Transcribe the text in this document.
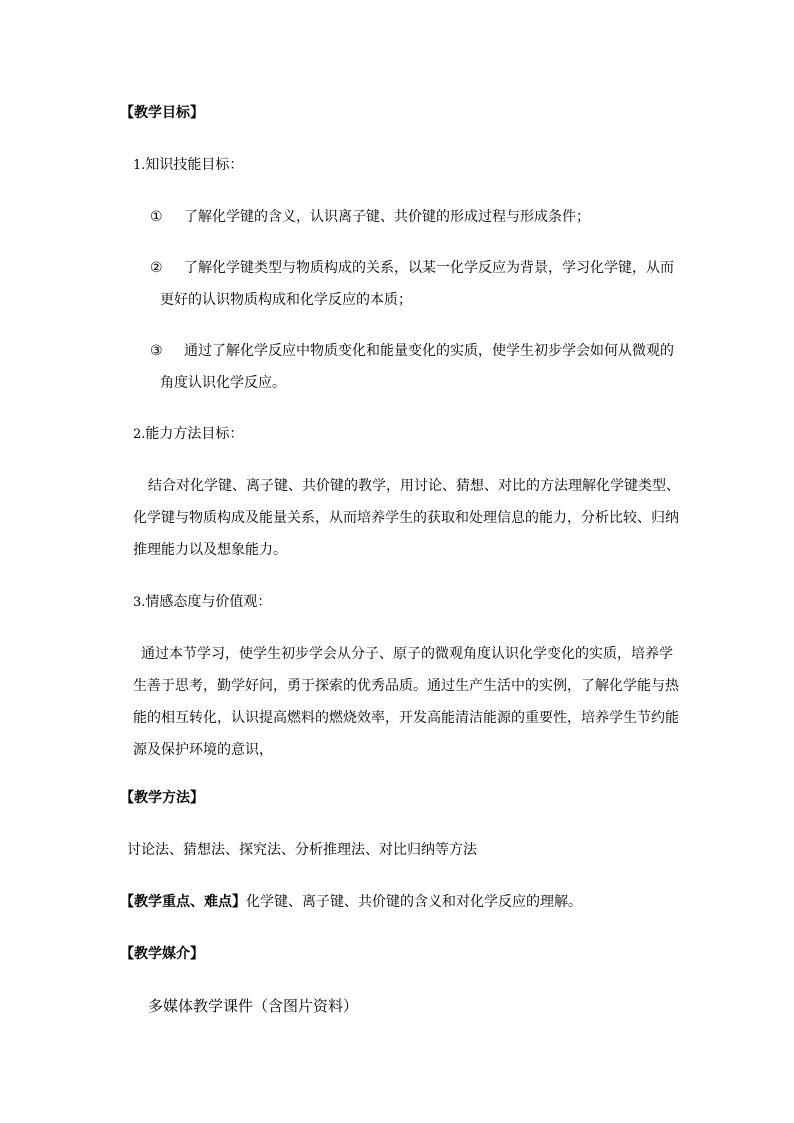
【教学目标】
1.知识技能目标：
① 了解化学键的含义，认识离子键、共价键的形成过程与形成条件；
② 了解化学键类型与物质构成的关系，以某一化学反应为背景，学习化学键，从而
更好的认识物质构成和化学反应的本质；
③ 通过了解化学反应中物质变化和能量变化的实质，使学生初步学会如何从微观的
角度认识化学反应。
2.能力方法目标：
结合对化学键、离子键、共价键的教学，用讨论、猜想、对比的方法理解化学键类型、
化学键与物质构成及能量关系，从而培养学生的获取和处理信息的能力，分析比较、归纳
推理能力以及想象能力。
3.情感态度与价值观：
通过本节学习，使学生初步学会从分子、原子的微观角度认识化学变化的实质，培养学
生善于思考，勤学好问，勇于探索的优秀品质。通过生产生活中的实例，了解化学能与热
能的相互转化，认识提高燃料的燃烧效率，开发高能清洁能源的重要性，培养学生节约能
源及保护环境的意识，
【教学方法】
讨论法、猜想法、探究法、分析推理法、对比归纳等方法
【教学重点、难点】化学键、离子键、共价键的含义和对化学反应的理解。
【教学媒介】
多媒体教学课件（含图片资料）
